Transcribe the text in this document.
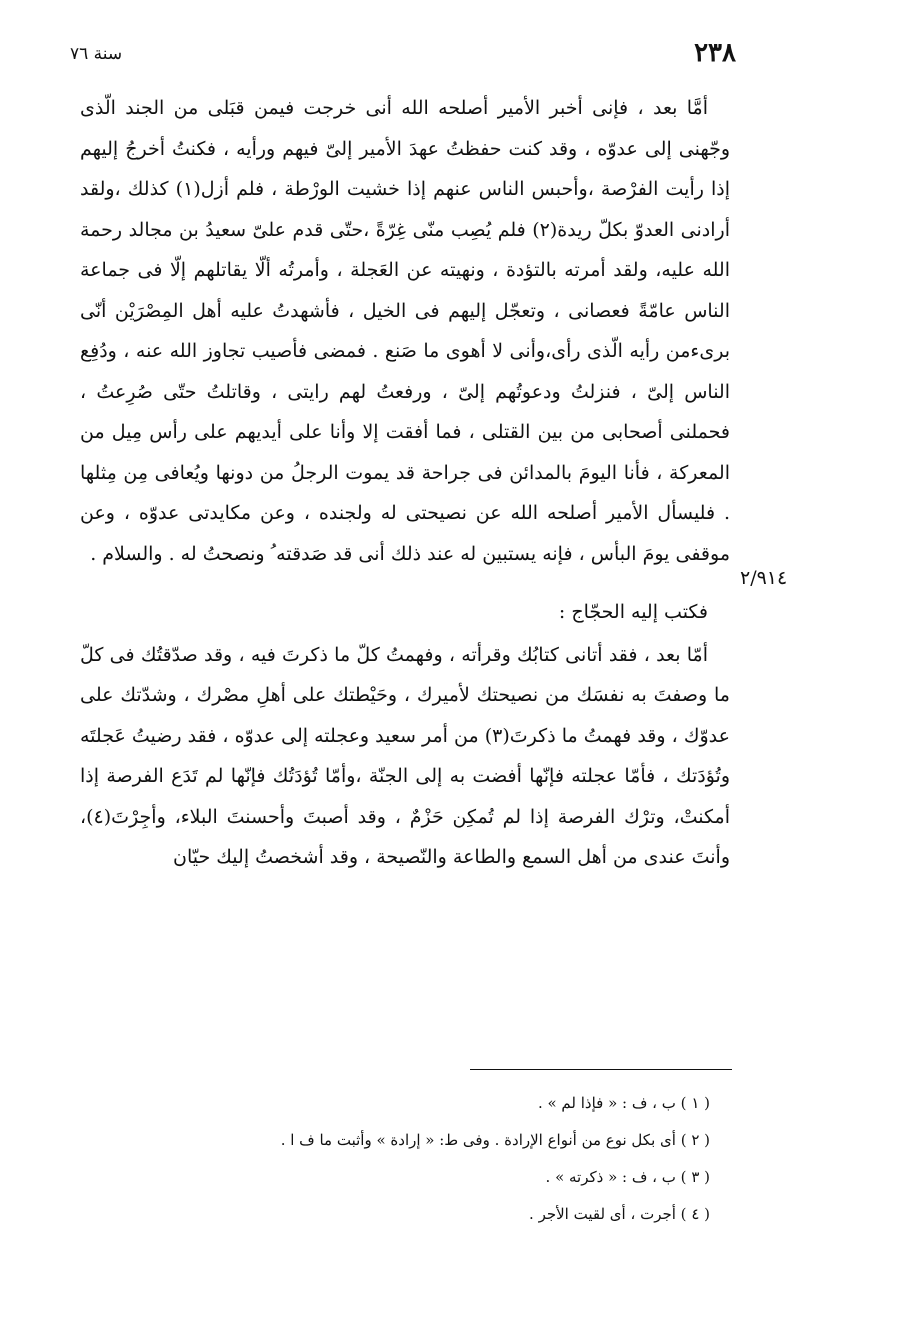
٢٣٨
سنة ٧٦

أمَّا بعد ، فإنى أخبر الأمير أصلحه الله أنى خرجت فيمن قبَلى من الجند الّذى وجّهنى إلى عدوّه ، وقد كنت حفظتُ عهدَ الأمير إلىّ فيهم ورأيه ، فكنتُ أخرجُ إليهم إذا رأيت الفرْصة ،وأحبس الناس عنهم إذا خشيت الورْطة ، فلم أزل(١) كذلك ،ولقد أرادنى العدوّ بكلّ ريدة(٢) فلم يُصِب منّى غِرّةً ،حتّى قدم علىّ سعيدُ بن مجالد رحمة الله عليه، ولقد أمرته بالتؤدة ، ونهيته عن العَجلة ، وأمرتُه ألّا يقاتلهم إلّا فى جماعة الناس عامّةً فعصانى ، وتعجّل إليهم فى الخيل ، فأشهدتُ عليه أهل المِصْرَيْن أنّى برىءمن رأيه الّذى رأى،وأنى لا أهوى ما صَنع . فمضى فأصيب تجاوز الله عنه ، ودُفِع الناس إلىّ ، فنزلتُ ودعوتُهم إلىّ ، ورفعتُ لهم رايتى ، وقاتلتُ حتّى صُرِعتُ ، فحملنى أصحابى من بين القتلى ، فما أفقت إلا وأنا على أيديهم على رأس مِيل من المعركة ، فأنا اليومَ بالمدائن فى جراحة قد يموت الرجلُ من دونها ويُعافى مِن مِثلها . فليسأل الأمير أصلحه الله عن نصيحتى له ولجنده ، وعن مكايدتى عدوّه ، وعن موقفى يومَ البأس ، فإنه يستبين له عند ذلك أنى قد صَدقته ُ ونصحتُ له . والسلام .

فكتب إليه الحجّاج :

أمّا بعد ، فقد أتانى كتابُك وقرأته ، وفهمتُ كلّ ما ذكرتَ فيه ، وقد صدّقتُك فى كلّ ما وصفتَ به نفسَك من نصيحتك لأميرك ، وحَيْطتك على أهلِ مصْرك ، وشدّتك على عدوّك ، وقد فهمتُ ما ذكرتَ(٣) من أمر سعيد وعجلته إلى عدوّه ، فقد رضيتُ عَجلتَه وتُؤدَتك ، فأمّا عجلته فإنّها أفضت به إلى الجنّة ،وأمّا تُؤدَتُك فإنّها لم تَدَع الفرصة إذا أمكنتْ، وترْك الفرصة إذا لم تُمكِن حَزْمٌ ، وقد أصبتَ وأحسنتَ البلاء، وأجِرْتَ(٤)، وأنتَ عندى من أهل السمع والطاعة والنّصيحة ، وقد أشخصتُ إليك حيّان

٢/٩١٤
( ١ ) ب ، ف : « فإذا لم » .
( ٢ ) أى بكل نوع من أنواع الإرادة . وفى ط: « إرادة » وأثبت ما ف ا .
( ٣ ) ب ، ف : « ذكرته » .
( ٤ ) أجرت ، أى لقيت الأجر .
